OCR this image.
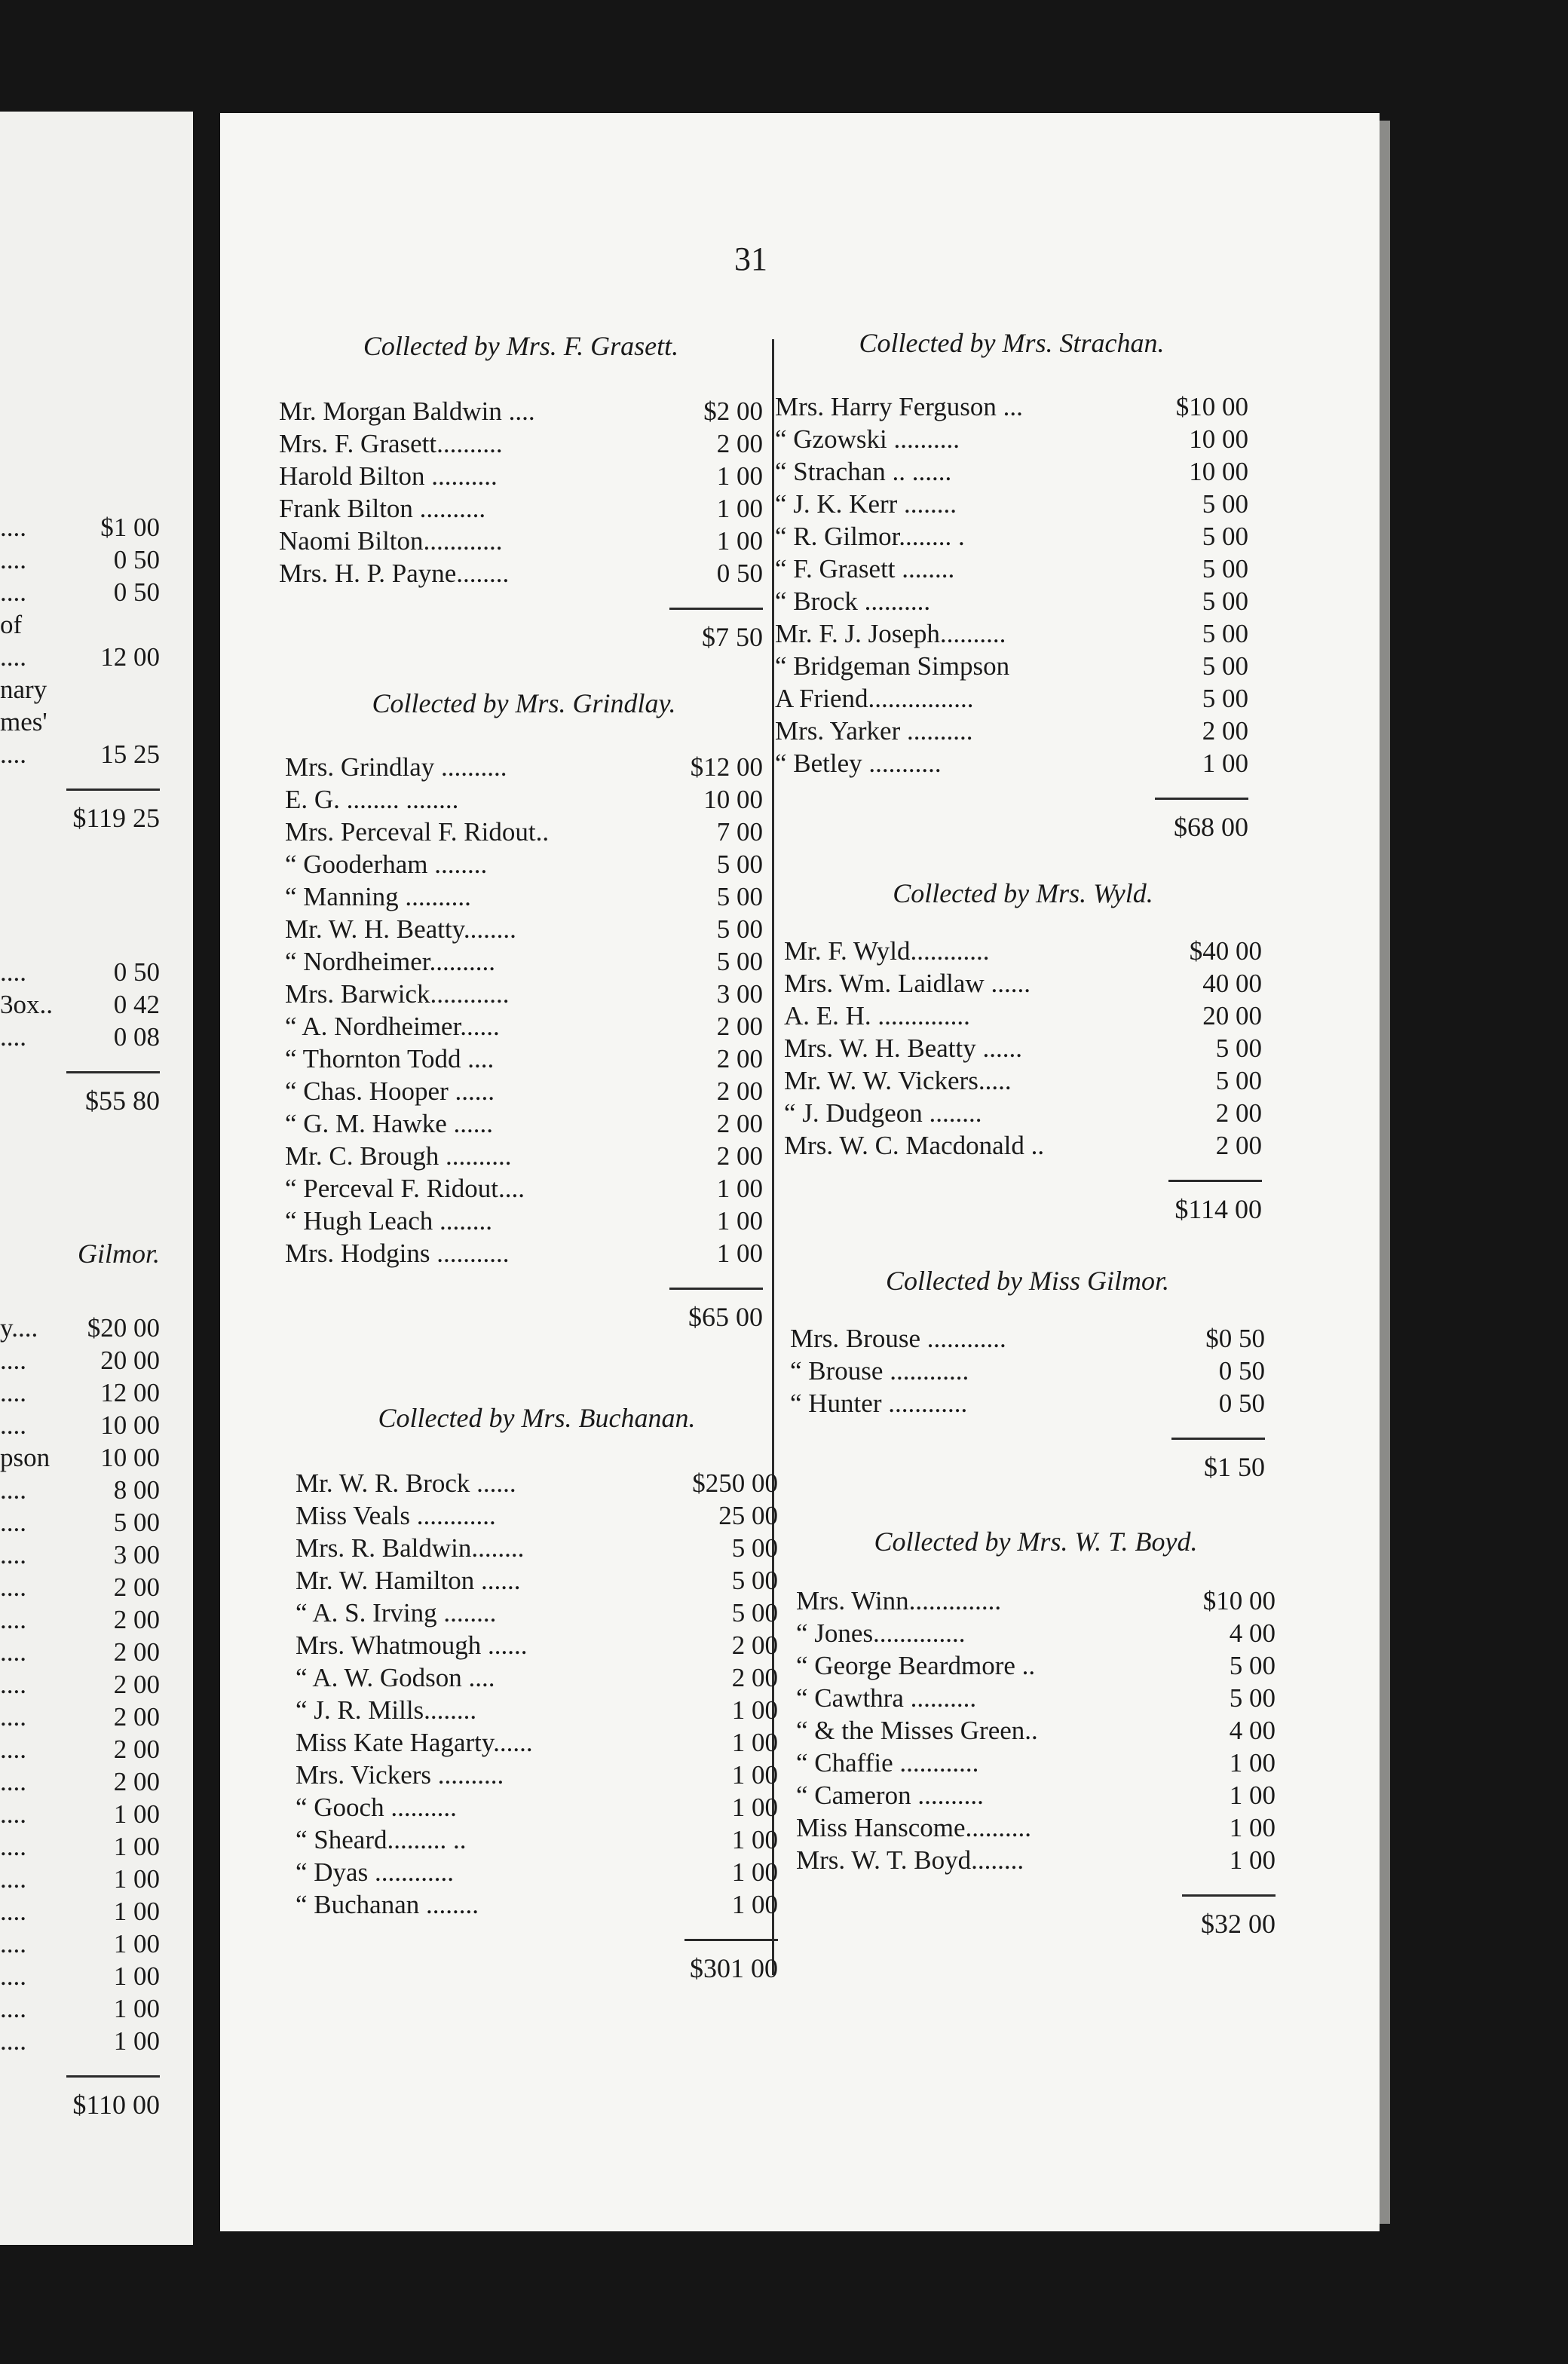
....	$1 00
....	0 50
....	0 50
of
....	12 00
nary
mes'
....	15 25
$119 25
....	0 50
3ox..	0 42
....	0 08
$55 80
Gilmor.
y....	$20 00
....	20 00
....	12 00
....	10 00
pson	10 00
....	8 00
....	5 00
....	3 00
....	2 00
....	2 00
....	2 00
....	2 00
....	2 00
....	2 00
....	2 00
....	1 00
....	1 00
....	1 00
....	1 00
....	1 00
....	1 00
....	1 00
....	1 00
$110 00
31
Collected by Mrs. F. Grasett.
Mr. Morgan Baldwin ....	$2 00
Mrs. F. Grasett..........	2 00
Harold Bilton ..........	1 00
Frank Bilton ..........	1 00
Naomi Bilton............	1 00
Mrs. H. P. Payne........	0 50
$7 50
Collected by Mrs. Grindlay.
Mrs. Grindlay ..........	$12 00
E. G. ........ ........	10 00
Mrs. Perceval F. Ridout..	7 00
“ Gooderham ........	5 00
“ Manning ..........	5 00
Mr. W. H. Beatty........	5 00
“ Nordheimer..........	5 00
Mrs. Barwick............	3 00
“ A. Nordheimer......	2 00
“ Thornton Todd ....	2 00
“ Chas. Hooper ......	2 00
“ G. M. Hawke ......	2 00
Mr. C. Brough ..........	2 00
“ Perceval F. Ridout....	1 00
“ Hugh Leach ........	1 00
Mrs. Hodgins ...........	1 00
$65 00
Collected by Mrs. Buchanan.
Mr. W. R. Brock ......	$250 00
Miss Veals ............	25 00
Mrs. R. Baldwin........	5 00
Mr. W. Hamilton ......	5 00
“ A. S. Irving ........	5 00
Mrs. Whatmough ......	2 00
“ A. W. Godson ....	2 00
“ J. R. Mills........	1 00
Miss Kate Hagarty......	1 00
Mrs. Vickers ..........	1 00
“ Gooch ..........	1 00
“ Sheard......... ..	1 00
“ Dyas ............	1 00
“ Buchanan ........	1 00
$301 00
Collected by Mrs. Strachan.
Mrs. Harry Ferguson ...	$10 00
“ Gzowski ..........	10 00
“ Strachan .. ......	10 00
“ J. K. Kerr ........	5 00
“ R. Gilmor........ .	5 00
“ F. Grasett ........	5 00
“ Brock ..........	5 00
Mr. F. J. Joseph..........	5 00
“ Bridgeman Simpson	5 00
A Friend................	5 00
Mrs. Yarker ..........	2 00
“ Betley ...........	1 00
$68 00
Collected by Mrs. Wyld.
Mr. F. Wyld............	$40 00
Mrs. Wm. Laidlaw ......	40 00
A. E. H. ..............	20 00
Mrs. W. H. Beatty ......	5 00
Mr. W. W. Vickers.....	5 00
“ J. Dudgeon ........	2 00
Mrs. W. C. Macdonald ..	2 00
$114 00
Collected by Miss Gilmor.
Mrs. Brouse ............	$0 50
“ Brouse ............	0 50
“ Hunter ............	0 50
$1 50
Collected by Mrs. W. T. Boyd.
Mrs. Winn..............	$10 00
“ Jones..............	4 00
“ George Beardmore ..	5 00
“ Cawthra ..........	5 00
“ & the Misses Green..	4 00
“ Chaffie ............	1 00
“ Cameron ..........	1 00
Miss Hanscome..........	1 00
Mrs. W. T. Boyd........	1 00
$32 00
